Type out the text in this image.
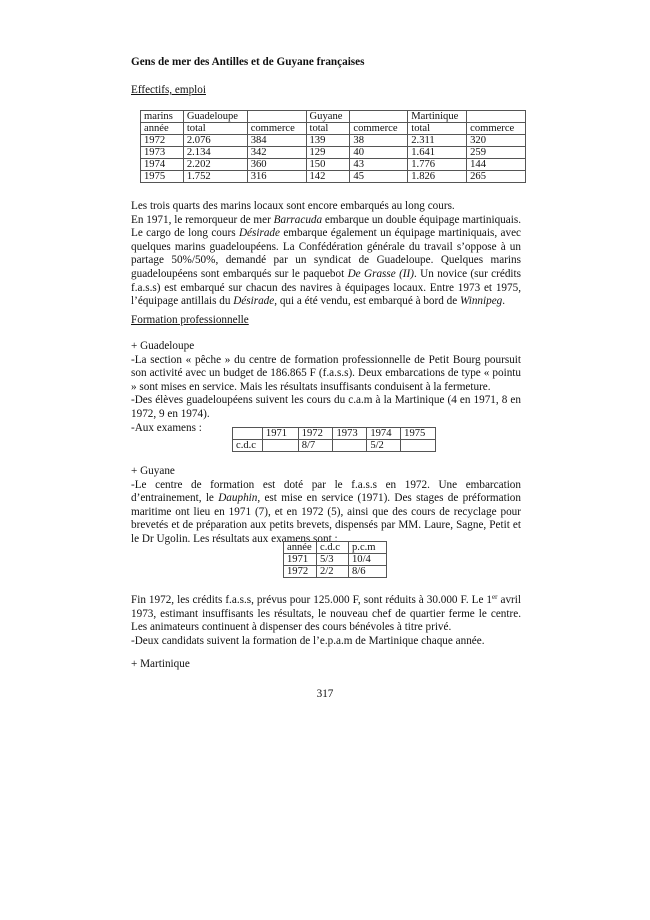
Gens de mer des Antilles et de Guyane françaises
Effectifs, emploi
marins	Guadeloupe		Guyane		Martinique	
année	total	commerce	total	commerce	total	commerce
1972	2.076	384	139	38	2.311	320
1973	2.134	342	129	40	1.641	259
1974	2.202	360	150	43	1.776	144
1975	1.752	316	142	45	1.826	265

Les trois quarts des marins locaux sont encore embarqués au long cours.

En 1971, le remorqueur de mer Barracuda embarque un double équipage martiniquais. Le cargo de long cours Désirade embarque également un équipage martiniquais, avec quelques marins guadeloupéens. La Confédération générale du travail s’oppose à un partage 50%/50%, demandé par un syndicat de Guadeloupe. Quelques marins guadeloupéens sont embarqués sur le paquebot De Grasse (II). Un novice (sur crédits f.a.s.s) est embarqué sur chacun des navires à équipages locaux. Entre 1973 et 1975, l’équipage antillais du Désirade, qui a été vendu, est embarqué à bord de Winnipeg.

Formation professionnelle

+ Guadeloupe

-La section « pêche » du centre de formation professionnelle de Petit Bourg poursuit son activité avec un budget de 186.865 F (f.a.s.s). Deux embarcations de type « pointu » sont mises en service. Mais les résultats insuffisants conduisent à la fermeture.

-Des élèves guadeloupéens suivent les cours du c.a.m à la Martinique (4 en 1971, 8 en 1972, 9 en 1974).

-Aux examens :

		1971	1972	1973	1974	1975
c.d.c		8/7		5/2	

+ Guyane

-Le centre de formation est doté par le f.a.s.s en 1972. Une embarcation d’entrainement, le Dauphin, est mise en service (1971). Des stages de préformation maritime ont lieu en 1971 (7), et en 1972 (5), ainsi que des cours de recyclage pour brevetés et de préparation aux petits brevets, dispensés par MM. Laure, Sagne, Petit et le Dr Ugolin. Les résultats aux examens sont :

année	c.d.c	p.c.m
1971	5/3	10/4
1972	2/2	8/6

Fin 1972, les crédits f.a.s.s, prévus pour 125.000 F, sont réduits à 30.000 F. Le 1er avril 1973, estimant insuffisants les résultats, le nouveau chef de quartier ferme le centre. Les animateurs continuent à dispenser des cours bénévoles à titre privé.

-Deux candidats suivent la formation de l’e.p.a.m de Martinique chaque année.

+ Martinique
317
